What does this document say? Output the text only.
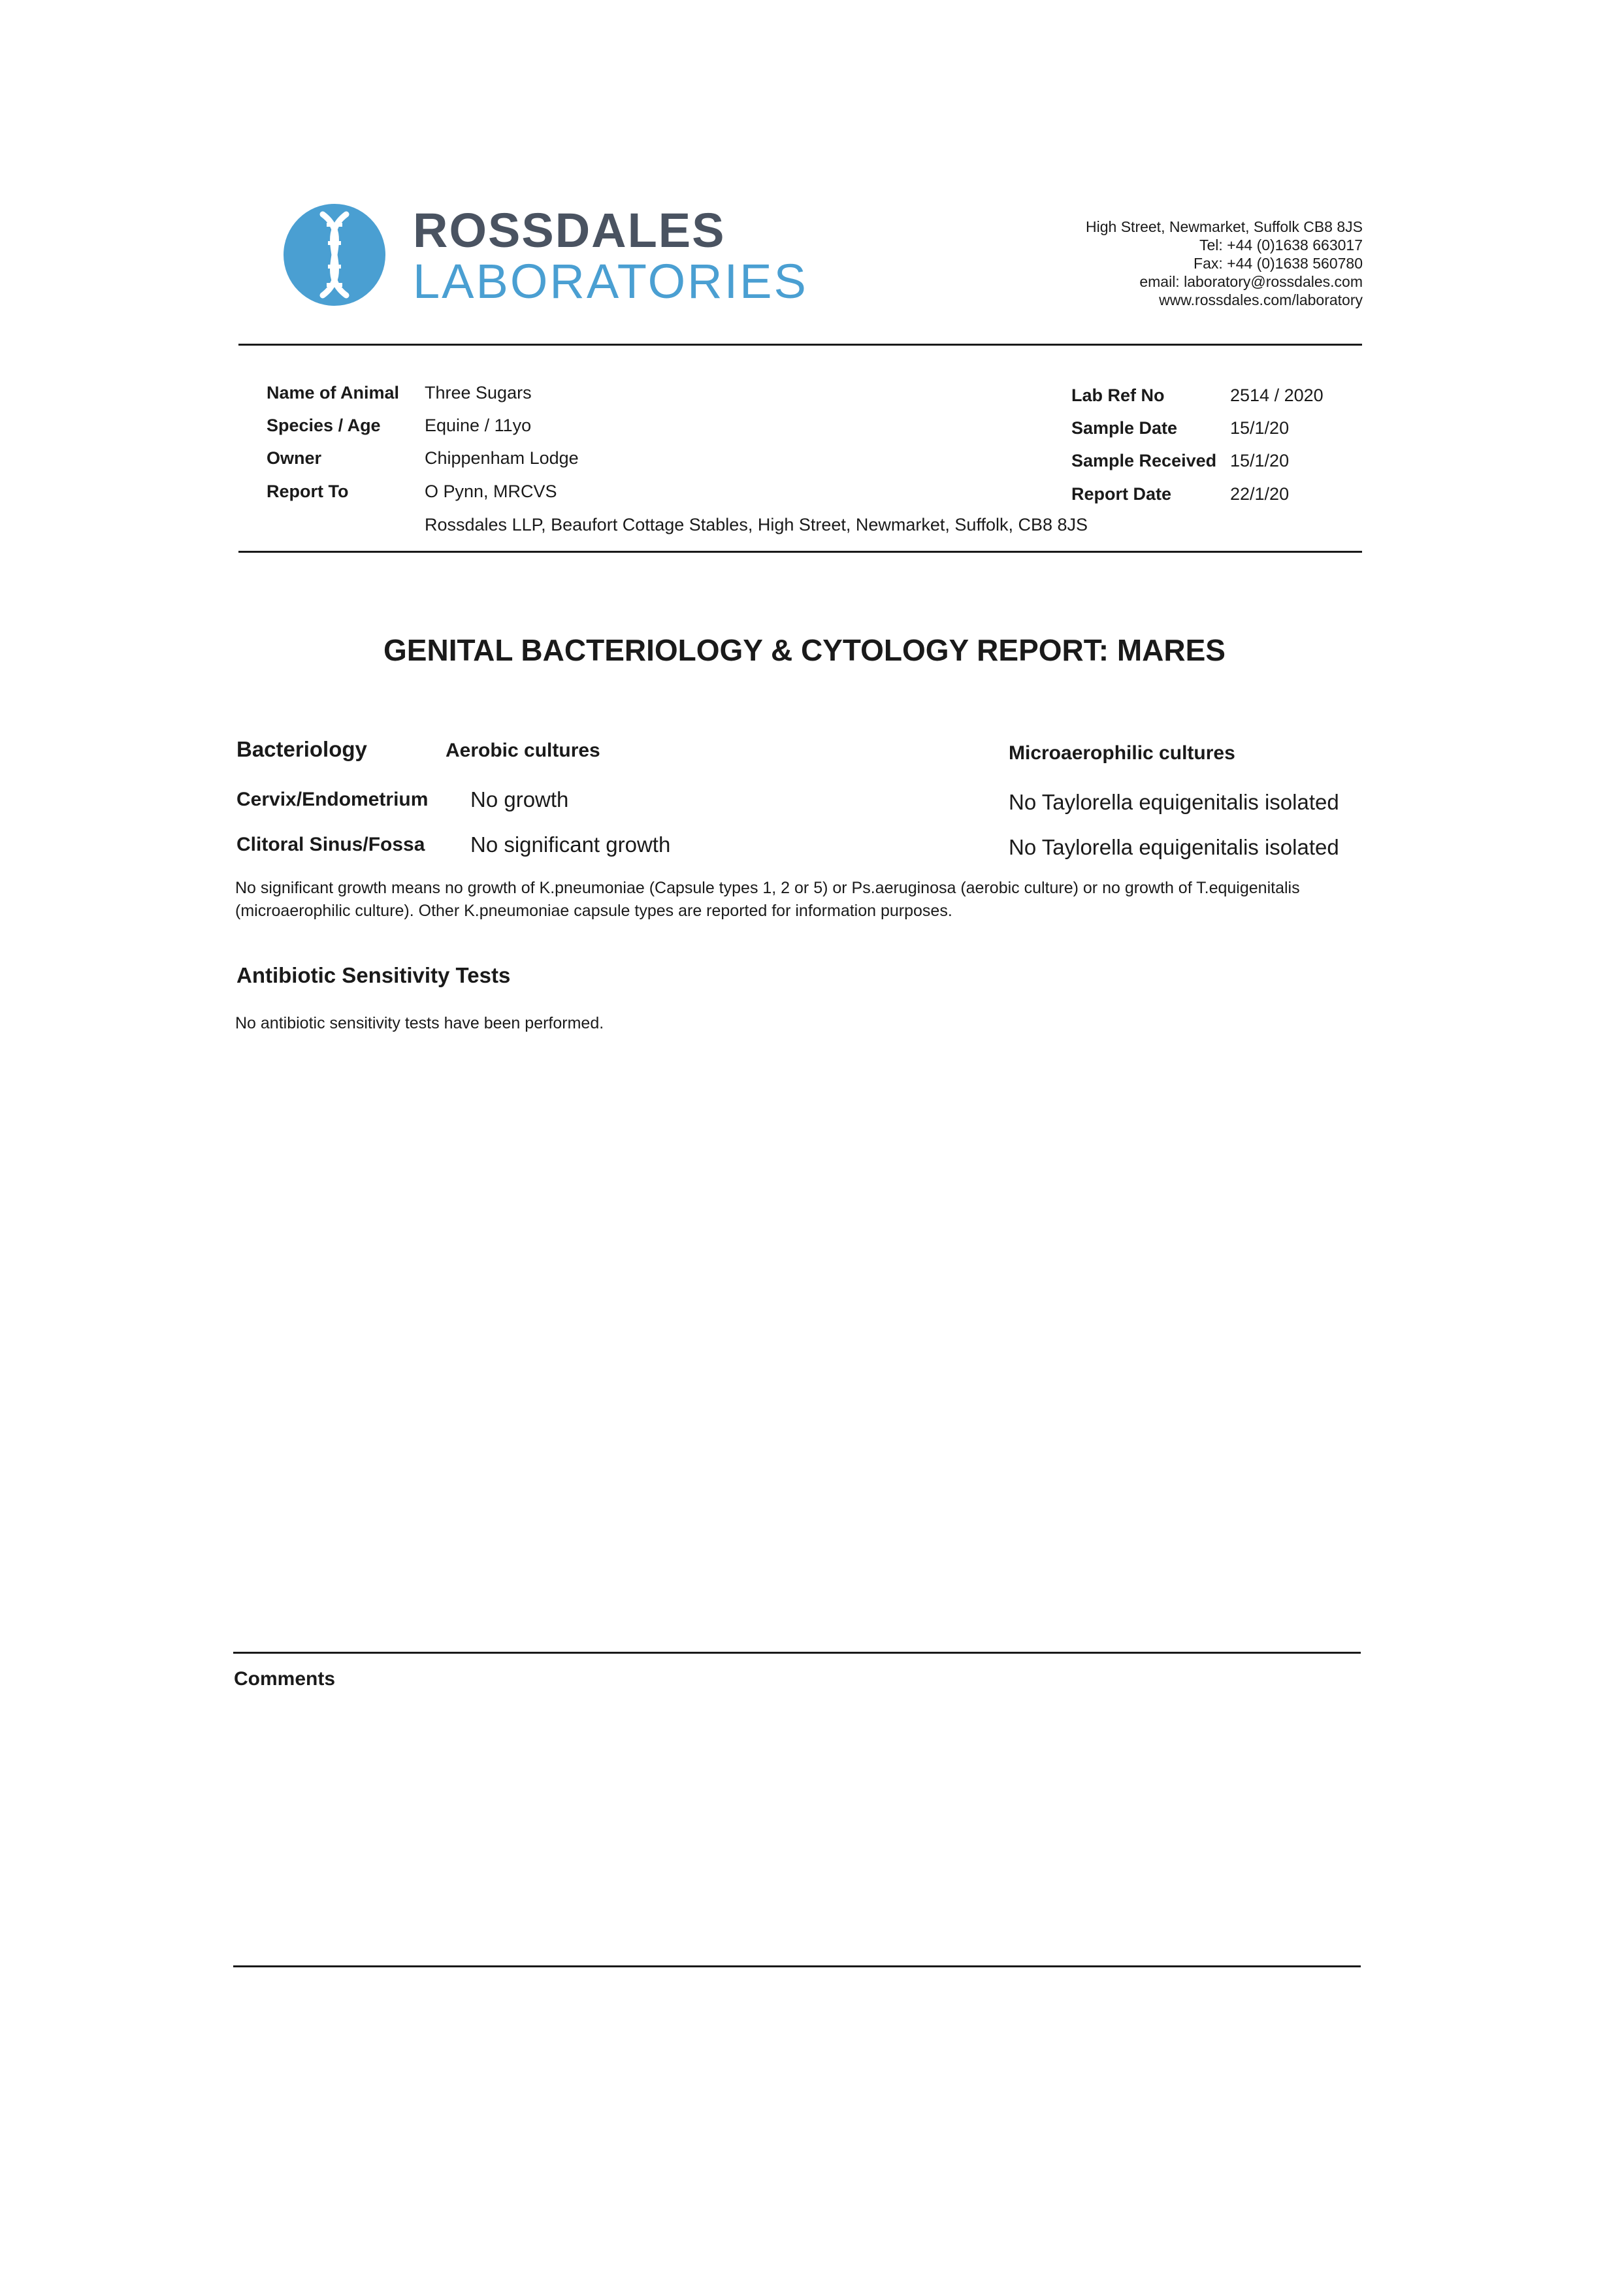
ROSSDALES
LABORATORIES
High Street, Newmarket, Suffolk CB8 8JS
Tel: +44 (0)1638 663017
Fax: +44 (0)1638 560780
email: laboratory@rossdales.com
www.rossdales.com/laboratory
Name of Animal Three Sugars
Species / Age Equine / 11yo
Owner	Chippenham Lodge
Report To	O Pynn, MRCVS
Rossdales LLP, Beaufort Cottage Stables, High Street, Newmarket, Suffolk, CB8 8JS
Lab Ref No	2514 / 2020
Sample Date	15/1/20
Sample Received 15/1/20
Report Date	22/1/20
GENITAL BACTERIOLOGY & CYTOLOGY REPORT: MARES
Bacteriology	Aerobic cultures	Microaerophilic cultures
Cervix/Endometrium No growth	No Taylorella equigenitalis isolated
Clitoral Sinus/Fossa No significant growth	No Taylorella equigenitalis isolated
No significant growth means no growth of K.pneumoniae (Capsule types 1, 2 or 5) or Ps.aeruginosa (aerobic culture) or no growth of T.equigenitalis (microaerophilic culture). Other K.pneumoniae capsule types are reported for information purposes.
Antibiotic Sensitivity Tests
No antibiotic sensitivity tests have been performed.
Comments
